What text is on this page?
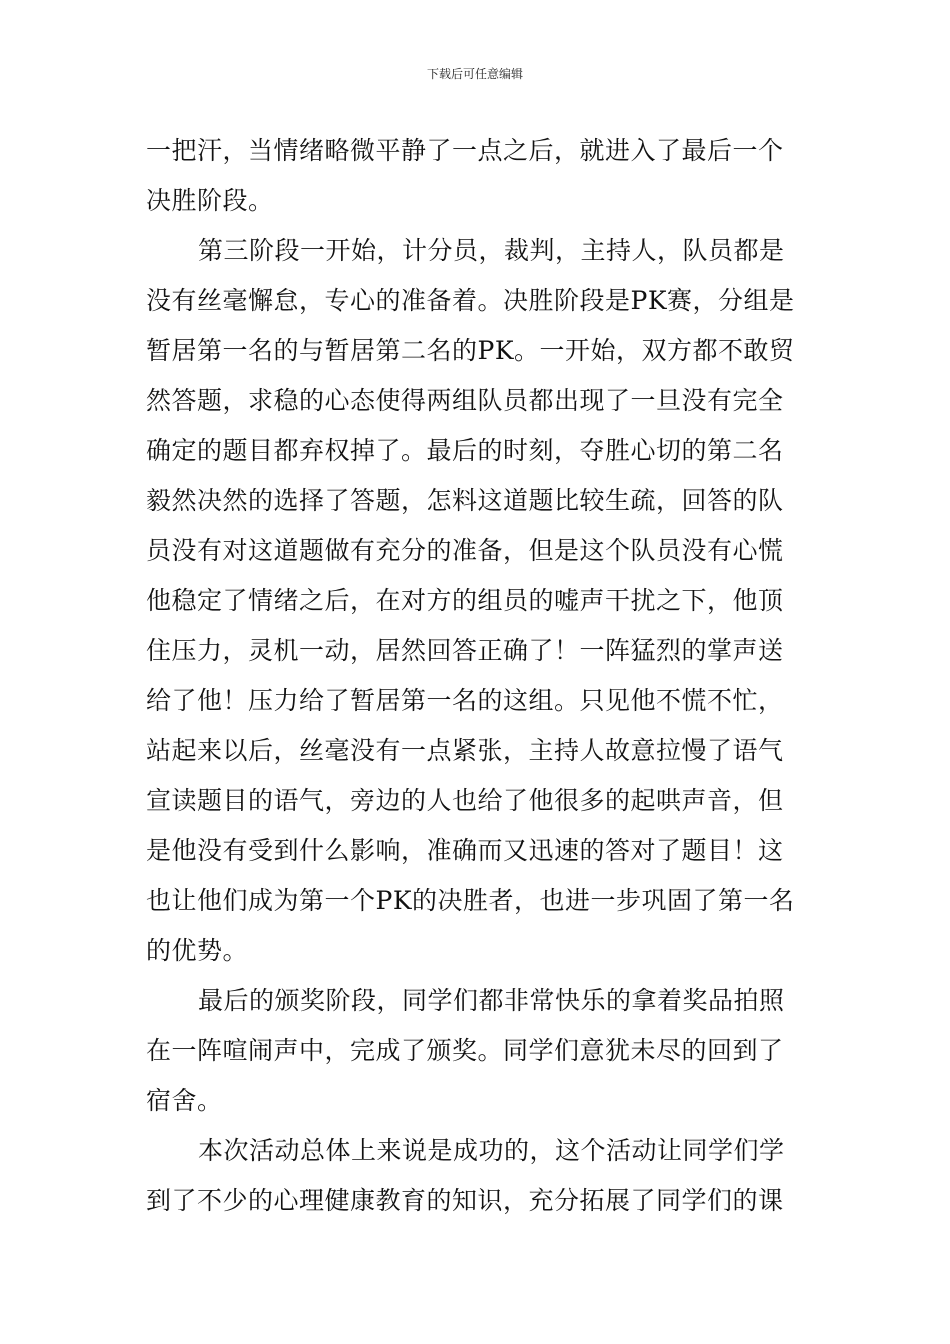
下载后可任意编辑
一把汗，当情绪略微平静了一点之后，就进入了最后一个
决胜阶段。
第三阶段一开始，计分员，裁判，主持人，队员都是
没有丝毫懈怠，专心的准备着。决胜阶段是PK赛，分组是
暂居第一名的与暂居第二名的PK。一开始，双方都不敢贸
然答题，求稳的心态使得两组队员都出现了一旦没有完全
确定的题目都弃权掉了。最后的时刻，夺胜心切的第二名
毅然决然的选择了答题，怎料这道题比较生疏，回答的队
员没有对这道题做有充分的准备，但是这个队员没有心慌
他稳定了情绪之后，在对方的组员的嘘声干扰之下，他顶
住压力，灵机一动，居然回答正确了！一阵猛烈的掌声送
给了他！压力给了暂居第一名的这组。只见他不慌不忙，
站起来以后，丝毫没有一点紧张，主持人故意拉慢了语气
宣读题目的语气，旁边的人也给了他很多的起哄声音，但
是他没有受到什么影响，准确而又迅速的答对了题目！这
也让他们成为第一个PK的决胜者，也进一步巩固了第一名
的优势。
最后的颁奖阶段，同学们都非常快乐的拿着奖品拍照
在一阵喧闹声中，完成了颁奖。同学们意犹未尽的回到了
宿舍。
本次活动总体上来说是成功的，这个活动让同学们学
到了不少的心理健康教育的知识，充分拓展了同学们的课
